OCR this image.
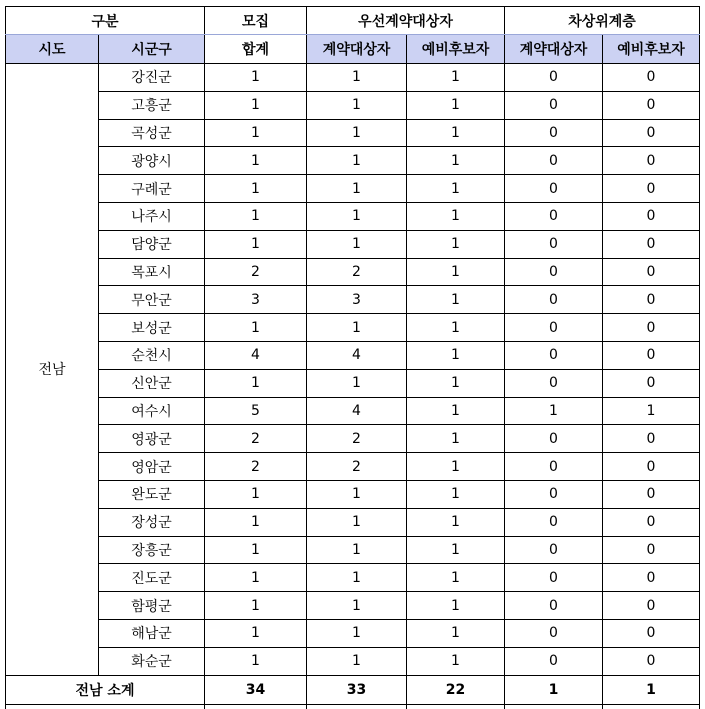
구분		모집	우선계약대상자		차상위계층	
시도	시군구	합계	계약대상자	예비후보자	계약대상자	예비후보자
전남	강진군	1	1	1	0	0
	고흥군	1	1	1	0	0
	곡성군	1	1	1	0	0
	광양시	1	1	1	0	0
	구례군	1	1	1	0	0
	나주시	1	1	1	0	0
	담양군	1	1	1	0	0
	목포시	2	2	1	0	0
	무안군	3	3	1	0	0
	보성군	1	1	1	0	0
	순천시	4	4	1	0	0
	신안군	1	1	1	0	0
	여수시	5	4	1	1	1
	영광군	2	2	1	0	0
	영암군	2	2	1	0	0
	완도군	1	1	1	0	0
	장성군	1	1	1	0	0
	장흥군	1	1	1	0	0
	진도군	1	1	1	0	0
	함평군	1	1	1	0	0
	해남군	1	1	1	0	0
	화순군	1	1	1	0	0
전남 소계		34	33	22	1	1
